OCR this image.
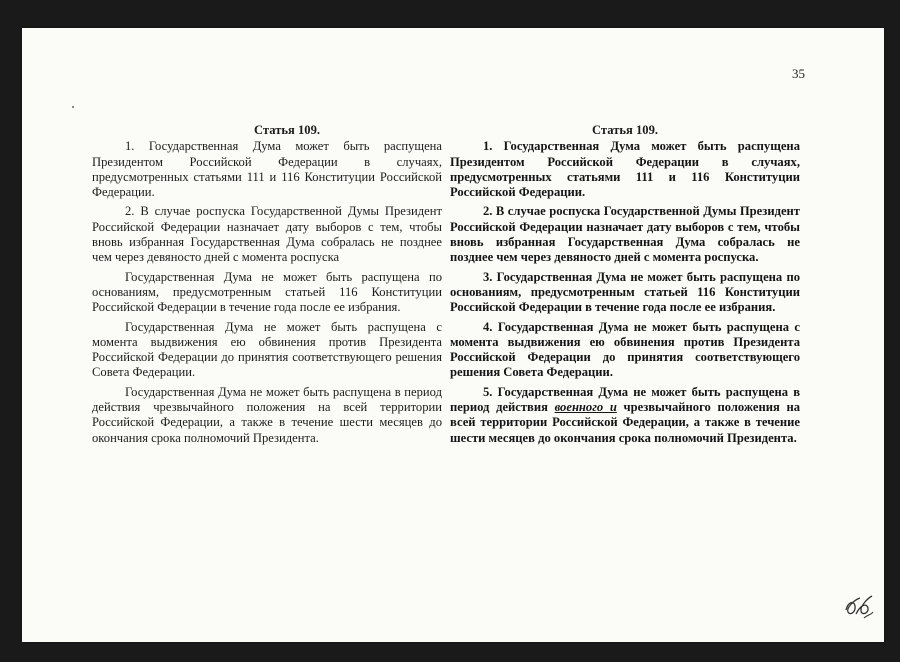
35
Статья 109.

1. Государственная Дума может быть распущена Президентом Российской Федерации в случаях, предусмотренных статьями 111 и 116 Конституции Российской Федерации.

2. В случае роспуска Государственной Думы Президент Российской Федерации назначает дату выборов с тем, чтобы вновь избранная Государственная Дума собралась не позднее чем через девяносто дней с момента роспуска

Государственная Дума не может быть распущена по основаниям, предусмотренным статьей 116 Конституции Российской Федерации в течение года после ее избрания.

Государственная Дума не может быть распущена с момента выдвижения ею обвинения против Президента Российской Федерации до принятия соответствующего решения Совета Федерации.

Государственная Дума не может быть распущена в период действия чрезвычайного положения на всей территории Российской Федерации, а также в течение шести месяцев до окончания срока полномочий Президента.

Статья 109.

1. Государственная Дума может быть распущена Президентом Российской Федерации в случаях, предусмотренных статьями 111 и 116 Конституции Российской Федерации.

2. В случае роспуска Государственной Думы Президент Российской Федерации назначает дату выборов с тем, чтобы вновь избранная Государственная Дума собралась не позднее чем через девяносто дней с момента роспуска.

3. Государственная Дума не может быть распущена по основаниям, предусмотренным статьей 116 Конституции Российской Федерации в течение года после ее избрания.

4. Государственная Дума не может быть распущена с момента выдвижения ею обвинения против Президента Российской Федерации до принятия соответствующего решения Совета Федерации.

5. Государственная Дума не может быть распущена в период действия военного и чрезвычайного положения на всей территории Российской Федерации, а также в течение шести месяцев до окончания срока полномочий Президента.
